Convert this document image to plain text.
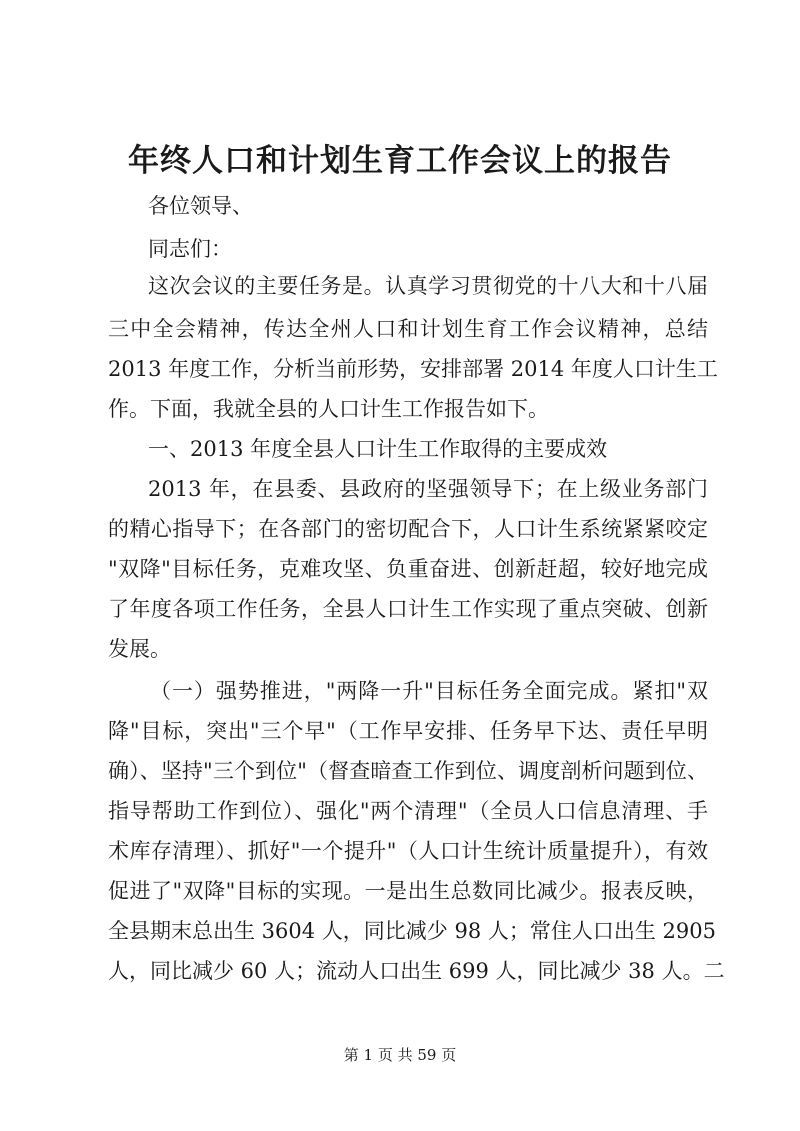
年终人口和计划生育工作会议上的报告

各位领导、

同志们：

这次会议的主要任务是。认真学习贯彻党的十八大和十八届

三中全会精神，传达全州人口和计划生育工作会议精神，总结

2013 年度工作，分析当前形势，安排部署 2014 年度人口计生工

作。下面，我就全县的人口计生工作报告如下。

一、2013 年度全县人口计生工作取得的主要成效

2013 年，在县委、县政府的坚强领导下；在上级业务部门

的精心指导下；在各部门的密切配合下，人口计生系统紧紧咬定

"双降"目标任务，克难攻坚、负重奋进、创新赶超，较好地完成

了年度各项工作任务，全县人口计生工作实现了重点突破、创新

发展。

（一）强势推进，"两降一升"目标任务全面完成。紧扣"双

降"目标，突出"三个早"（工作早安排、任务早下达、责任早明

确）、坚持"三个到位"（督查暗查工作到位、调度剖析问题到位、

指导帮助工作到位）、强化"两个清理"（全员人口信息清理、手

术库存清理）、抓好"一个提升"（人口计生统计质量提升），有效

促进了"双降"目标的实现。一是出生总数同比减少。报表反映，

全县期末总出生 3604 人，同比减少 98 人；常住人口出生 2905

人，同比减少 60 人；流动人口出生 699 人，同比减少 38 人。二

第 1 页 共 59 页
